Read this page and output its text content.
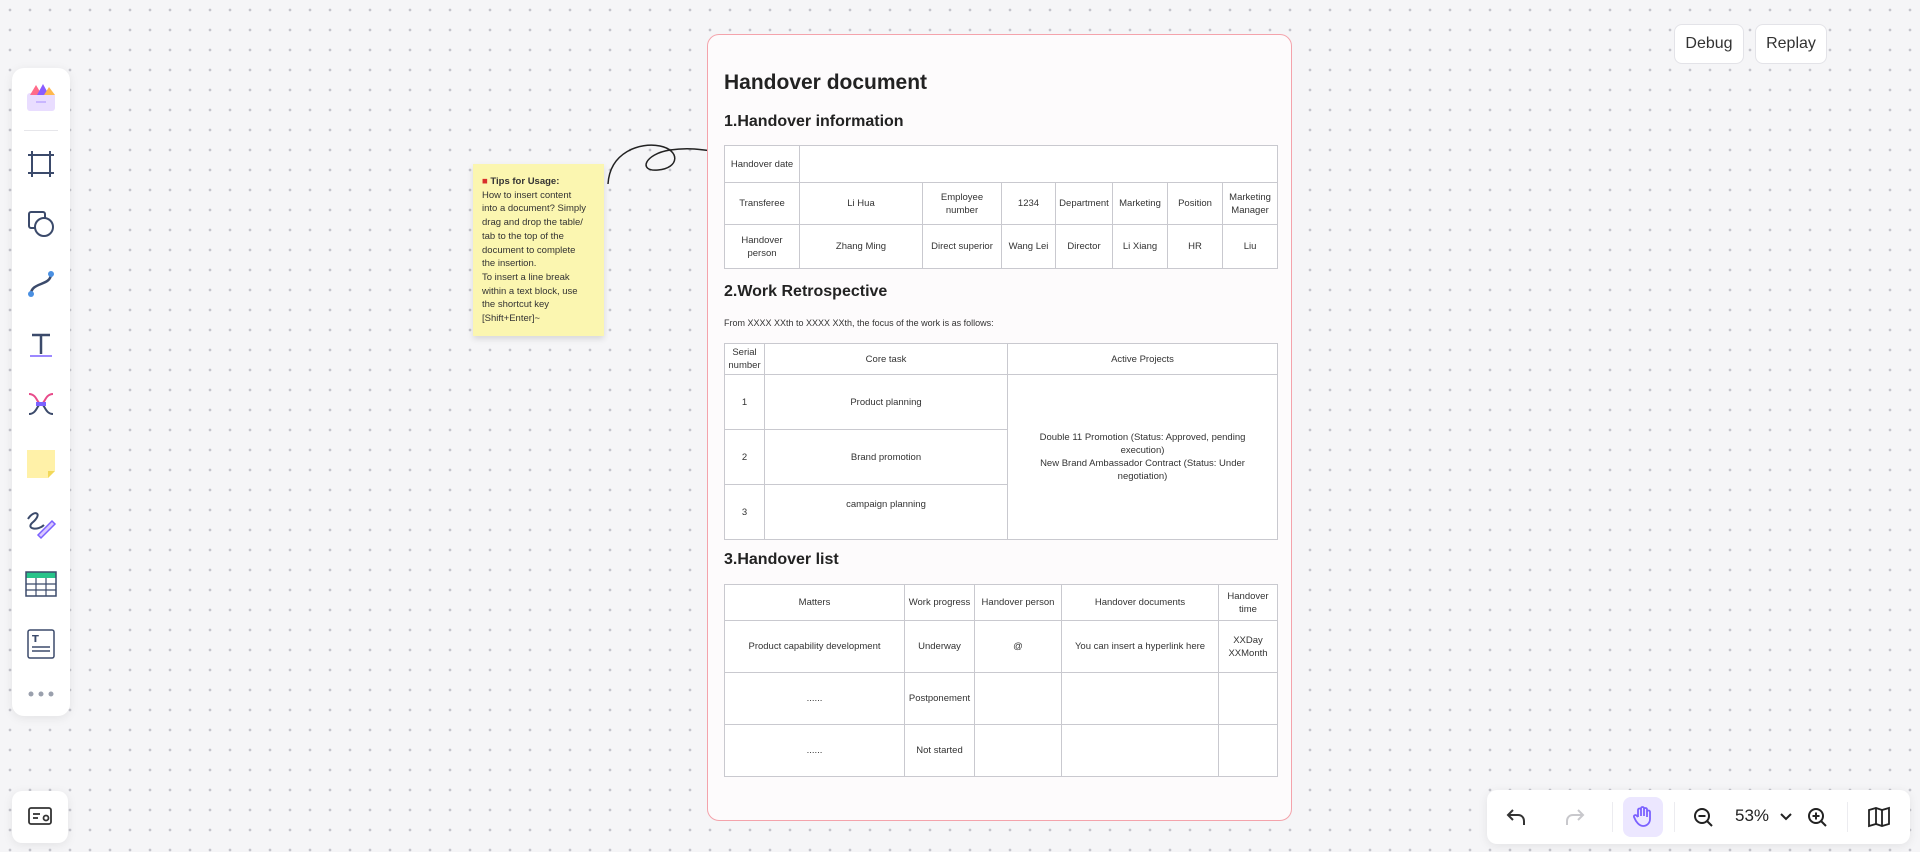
Debug	Replay
T
■ Tips for Usage:
How to insert content
into a document? Simply
drag and drop the table/
tab to the top of the
document to complete
the insertion.
To insert a line break
within a text block, use
the shortcut key
[Shift+Enter]~
Handover document
1.Handover information
Handover date							
Transferee	Li Hua	Employee number	1234	Department	Marketing	Position	Marketing Manager
Handover person	Zhang Ming	Direct superior	Wang Lei	Director	Li Xiang	HR	Liu
2.Work Retrospective
From XXXX XXth to XXXX XXth, the focus of the work is as follows:
Serial number	Core task	Active Projects
1	Product planning	Double 11 Promotion (Status: Approved, pending execution)
New Brand Ambassador Contract (Status: Under negotiation)

2	Brand promotion	
3	campaign planning	
3.Handover list
Matters	Work progress	Handover person	Handover documents	Handover time
Product capability development	Underway	@	You can insert a hyperlink here	XXDay XXMonth
......	Postponement			
......	Not started			
53%
